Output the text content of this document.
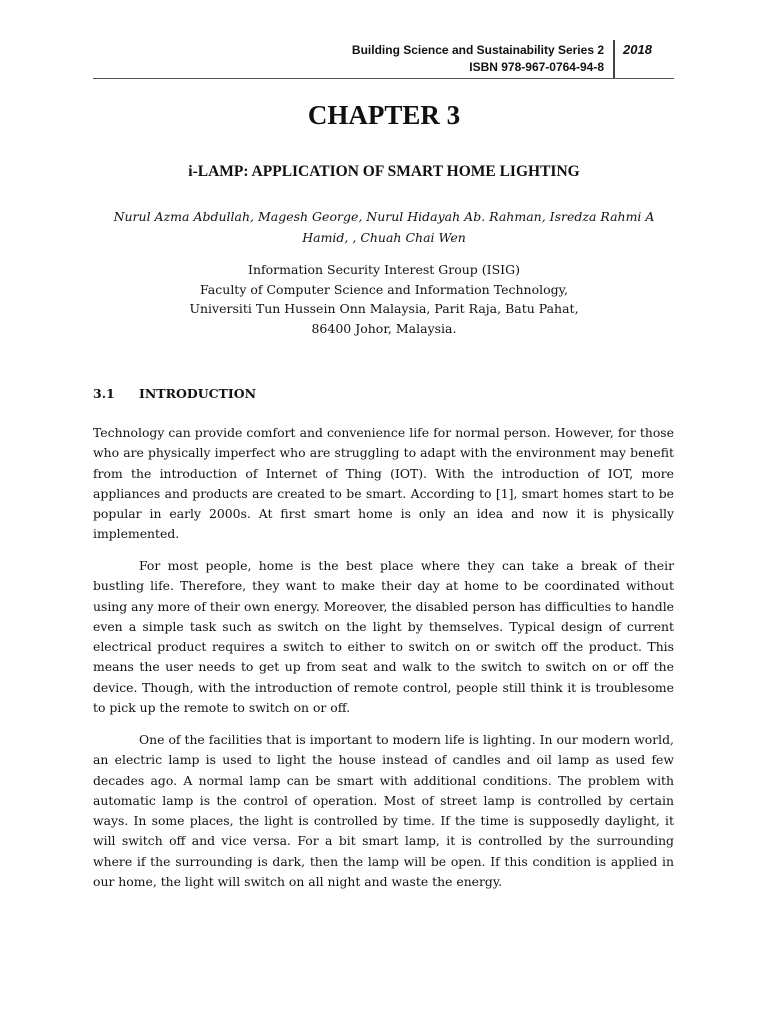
Building Science and Sustainability Series 2
ISBN 978-967-0764-94-8
2018
CHAPTER 3
i-LAMP: APPLICATION OF SMART HOME LIGHTING
Nurul Azma Abdullah, Magesh George, Nurul Hidayah Ab. Rahman, Isredza Rahmi A Hamid, , Chuah Chai Wen
Information Security Interest Group (ISIG)
Faculty of Computer Science and Information Technology,
Universiti Tun Hussein Onn Malaysia, Parit Raja, Batu Pahat,
86400 Johor, Malaysia.
3.1 INTRODUCTION

Technology can provide comfort and convenience life for normal person. However, for those who are physically imperfect who are struggling to adapt with the environment may benefit from the introduction of Internet of Thing (IOT). With the introduction of IOT, more appliances and products are created to be smart. According to [1], smart homes start to be popular in early 2000s. At first smart home is only an idea and now it is physically implemented.

For most people, home is the best place where they can take a break of their bustling life. Therefore, they want to make their day at home to be coordinated without using any more of their own energy. Moreover, the disabled person has difficulties to handle even a simple task such as switch on the light by themselves. Typical design of current electrical product requires a switch to either to switch on or switch off the product. This means the user needs to get up from seat and walk to the switch to switch on or off the device. Though, with the introduction of remote control, people still think it is troublesome to pick up the remote to switch on or off.

One of the facilities that is important to modern life is lighting. In our modern world, an electric lamp is used to light the house instead of candles and oil lamp as used few decades ago. A normal lamp can be smart with additional conditions. The problem with automatic lamp is the control of operation. Most of street lamp is controlled by certain ways. In some places, the light is controlled by time. If the time is supposedly daylight, it will switch off and vice versa. For a bit smart lamp, it is controlled by the surrounding where if the surrounding is dark, then the lamp will be open. If this condition is applied in our home, the light will switch on all night and waste the energy.
